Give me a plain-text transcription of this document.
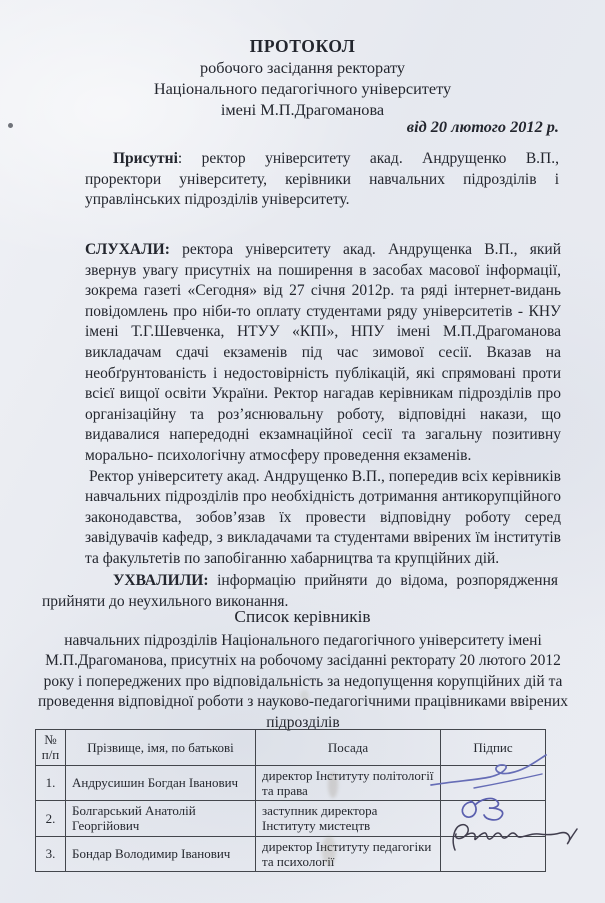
ПРОТОКОЛ
робочого засідання ректорату
Національного педагогічного університету
імені М.П.Драгоманова
від 20 лютого 2012 р.

Присутні: ректор університету акад. Андрущенко В.П., проректори університету, керівники навчальних підрозділів і управлінських підрозділів університету.

СЛУХАЛИ: ректора університету акад. Андрущенка В.П., який звернув увагу присутніх на поширення в засобах масової інформації, зокрема газеті «Сегодня» від 27 січня 2012р. та ряді інтернет-видань повідомлень про ніби-то оплату студентами ряду університетів - КНУ імені Т.Г.Шевченка, НТУУ «КПІ», НПУ імені М.П.Драгоманова викладачам сдачі екзаменів під час зимової сесії. Вказав на необґрунтованість і недостовірність публікацій, які спрямовані проти всієї вищої освіти України. Ректор нагадав керівникам підрозділів про організаційну та роз’яснювальну роботу, відповідні накази, що видавалися напередодні екзамнаційної сесії та загальну позитивну морально- психологічну атмосферу проведення екзаменів.

Ректор університету акад. Андрущенко В.П., попередив всіх керівників навчальних підрозділів про необхідність дотримання антикорупційного законодавства, зобов’язав їх провести відповідну роботу серед завідувачів кафедр, з викладачами та студентами ввірених їм інститутів та факультетів по запобіганню хабарництва та крупційних дій.

УХВАЛИЛИ: інформацію прийняти до відома, розпорядження прийняти до неухильного виконання.

Список керівників
навчальних підрозділів Національного педагогічного університету імені М.П.Драгоманова, присутніх на робочому засіданні ректорату 20 лютого 2012 року і попереджених про відповідальність за недопущення корупційних дій та проведення відповідної роботи з науково-педагогічними працівниками ввірених підрозділів
№ п/п	Прізвище, імя, по батькові	Посада	Підпис
1.	Андрусишин Богдан Іванович	директор Інституту політології та права	
2.	Болгарський Анатолій Георгійович	заступник директора Інституту мистецтв	
3.	Бондар Володимир Іванович	директор Інституту педагогіки та психології	
